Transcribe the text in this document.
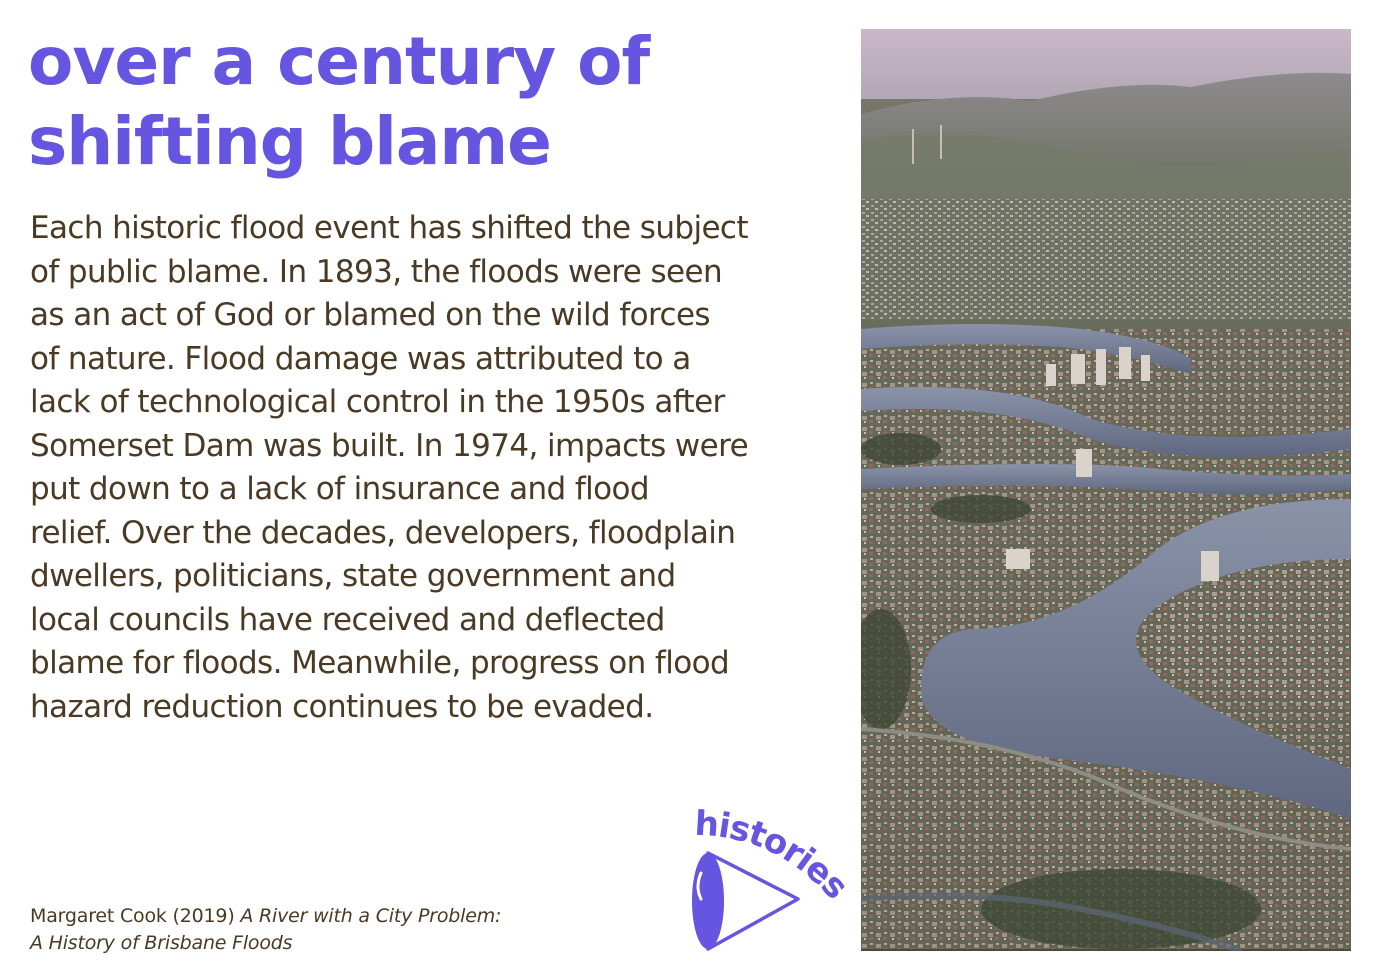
over a century of
shifting blame
Each historic flood event has shifted the subject
of public blame. In 1893, the floods were seen
as an act of God or blamed on the wild forces
of nature. Flood damage was attributed to a
lack of technological control in the 1950s after
Somerset Dam was built. In 1974, impacts were
put down to a lack of insurance and flood
relief. Over the decades, developers, floodplain
dwellers, politicians, state government and
local councils have received and deflected
blame for floods. Meanwhile, progress on flood
hazard reduction continues to be evaded.
Margaret Cook (2019) A River with a City Problem:
A History of Brisbane Floods
histories
